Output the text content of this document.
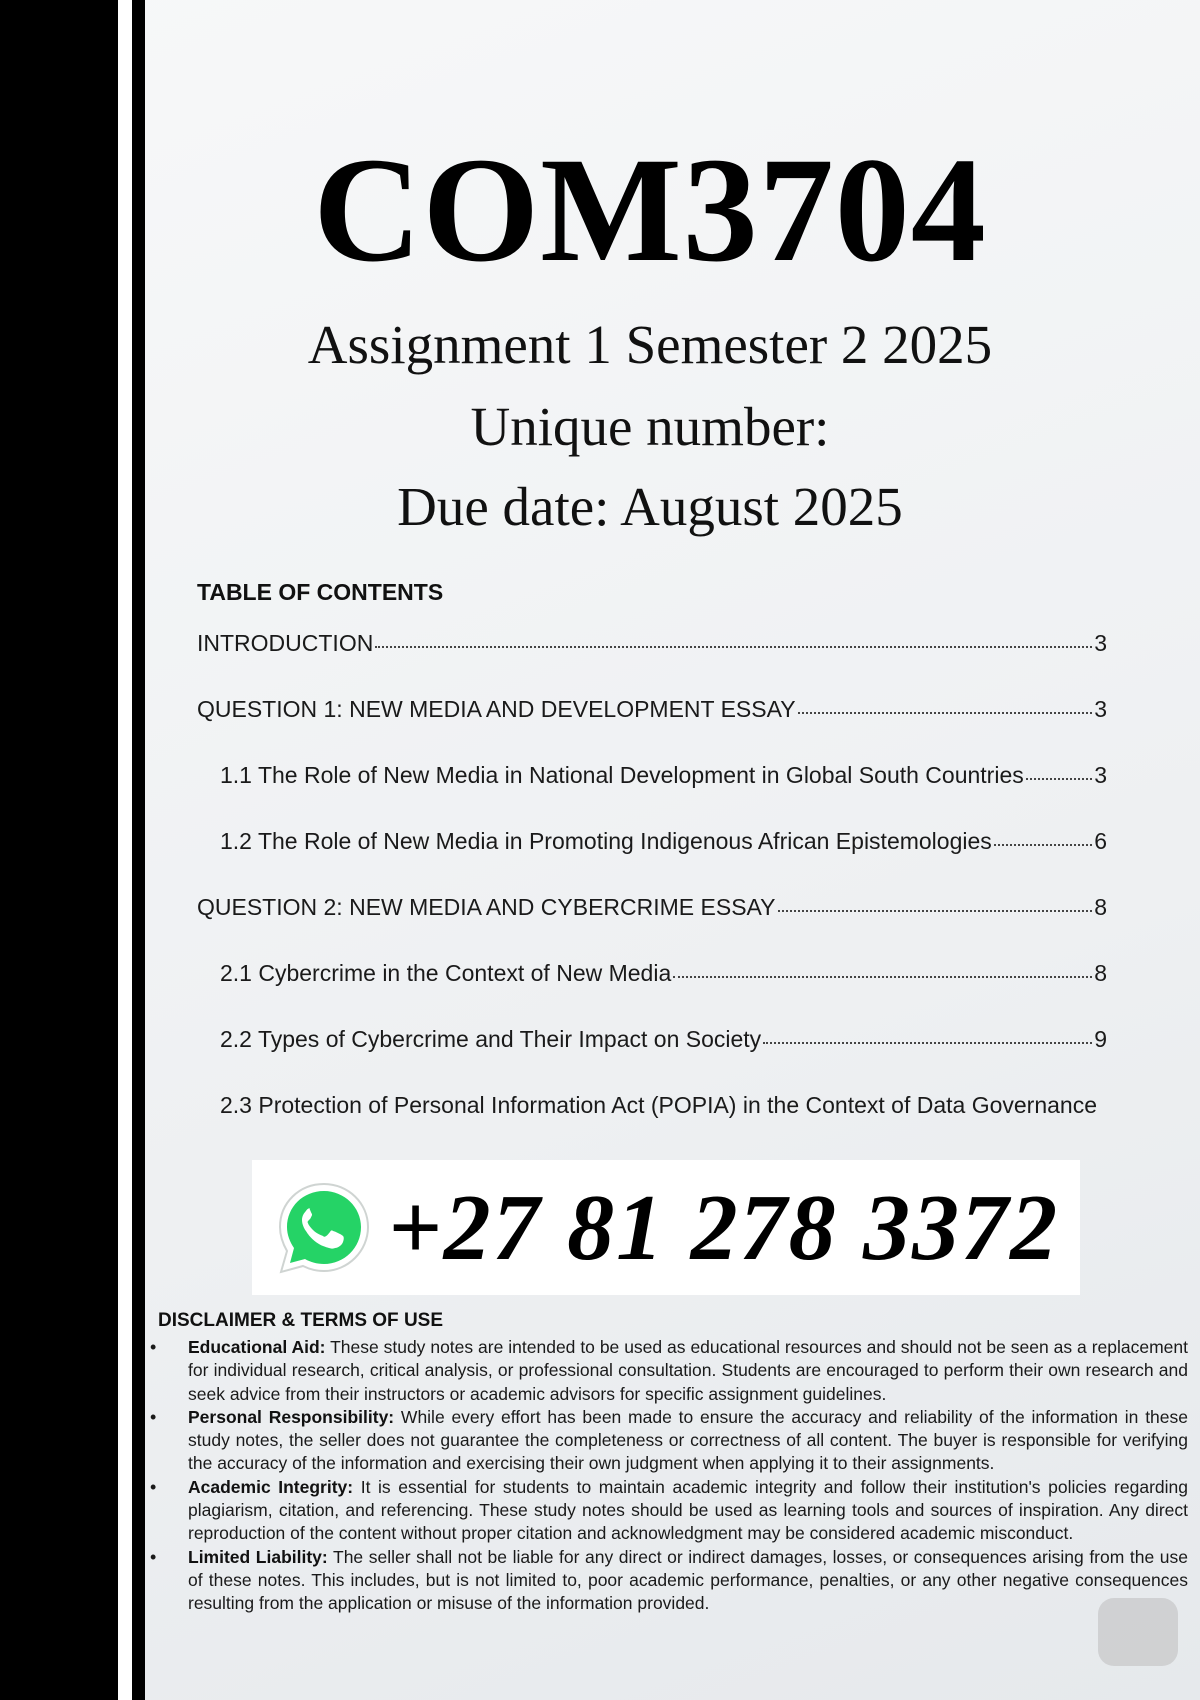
COM3704
Assignment 1 Semester 2 2025
Unique number:
Due date: August 2025
TABLE OF CONTENTS
INTRODUCTION	3
QUESTION 1: NEW MEDIA AND DEVELOPMENT ESSAY	3
1.1 The Role of New Media in National Development in Global South Countries	3
1.2 The Role of New Media in Promoting Indigenous African Epistemologies	6
QUESTION 2: NEW MEDIA AND CYBERCRIME ESSAY	8
2.1 Cybercrime in the Context of New Media	8
2.2 Types of Cybercrime and Their Impact on Society	9
2.3 Protection of Personal Information Act (POPIA) in the Context of Data Governance
+27 81 278 3372
DISCLAIMER & TERMS OF USE
• Educational Aid: These study notes are intended to be used as educational resources and should not be seen as a replacement for individual research, critical analysis, or professional consultation. Students are encouraged to perform their own research and seek advice from their instructors or academic advisors for specific assignment guidelines.
• Personal Responsibility: While every effort has been made to ensure the accuracy and reliability of the information in these study notes, the seller does not guarantee the completeness or correctness of all content. The buyer is responsible for verifying the accuracy of the information and exercising their own judgment when applying it to their assignments.
• Academic Integrity: It is essential for students to maintain academic integrity and follow their institution's policies regarding plagiarism, citation, and referencing. These study notes should be used as learning tools and sources of inspiration. Any direct reproduction of the content without proper citation and acknowledgment may be considered academic misconduct.
• Limited Liability: The seller shall not be liable for any direct or indirect damages, losses, or consequences arising from the use of these notes. This includes, but is not limited to, poor academic performance, penalties, or any other negative consequences resulting from the application or misuse of the information provided.
